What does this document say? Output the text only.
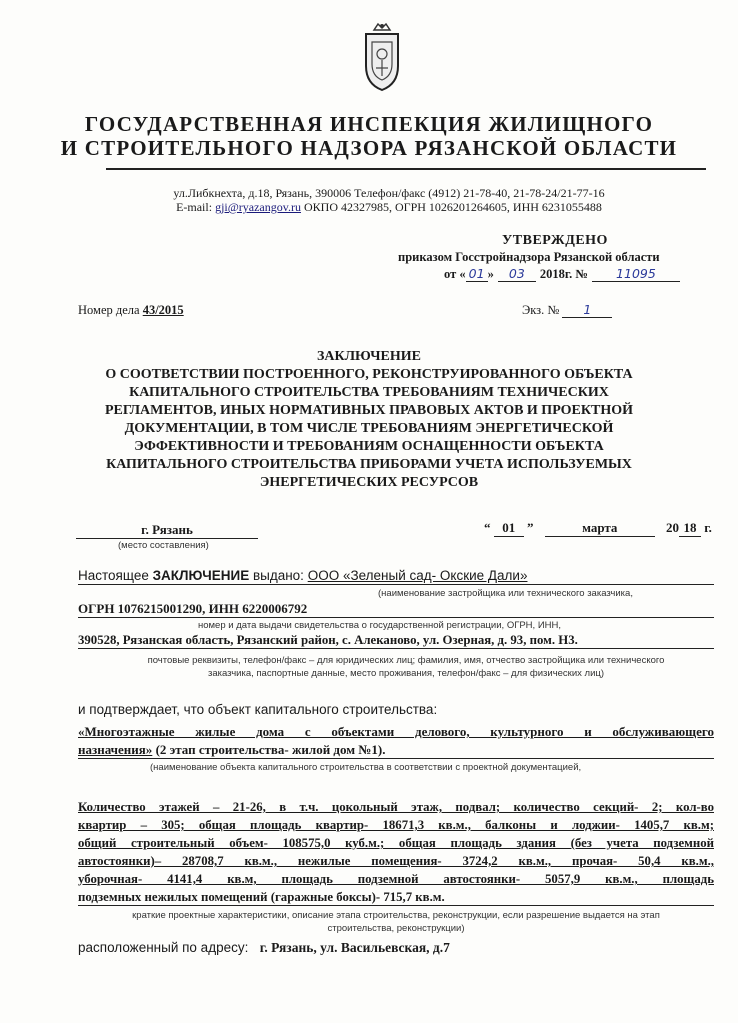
ГОСУДАРСТВЕННАЯ ИНСПЕКЦИЯ ЖИЛИЩНОГО
И СТРОИТЕЛЬНОГО НАДЗОРА РЯЗАНСКОЙ ОБЛАСТИ
ул.Либкнехта, д.18, Рязань, 390006 Телефон/факс (4912) 21-78-40, 21-78-24/21-77-16
E-mail: gji@ryazangov.ru ОКПО 42327985, ОГРН 1026201264605, ИНН 6231055488
УТВЕРЖДЕНО
приказом Госстройнадзора Рязанской области
от « 01 » 03 2018г. № 11095
Номер дела 43/2015	Экз. № 1
ЗАКЛЮЧЕНИЕ
О СООТВЕТСТВИИ ПОСТРОЕННОГО, РЕКОНСТРУИРОВАННОГО ОБЪЕКТА
КАПИТАЛЬНОГО СТРОИТЕЛЬСТВА ТРЕБОВАНИЯМ ТЕХНИЧЕСКИХ
РЕГЛАМЕНТОВ, ИНЫХ НОРМАТИВНЫХ ПРАВОВЫХ АКТОВ И ПРОЕКТНОЙ
ДОКУМЕНТАЦИИ, В ТОМ ЧИСЛЕ ТРЕБОВАНИЯМ ЭНЕРГЕТИЧЕСКОЙ
ЭФФЕКТИВНОСТИ И ТРЕБОВАНИЯМ ОСНАЩЕННОСТИ ОБЪЕКТА
КАПИТАЛЬНОГО СТРОИТЕЛЬСТВА ПРИБОРАМИ УЧЕТА ИСПОЛЬЗУЕМЫХ
ЭНЕРГЕТИЧЕСКИХ РЕСУРСОВ
г. Рязань
(место составления)
“ 01 ”	марта	20 18 г.
Настоящее ЗАКЛЮЧЕНИЕ выдано: ООО «Зеленый сад- Окские Дали»
(наименование застройщика или технического заказчика,
ОГРН 1076215001290, ИНН 6220006792
номер и дата выдачи свидетельства о государственной регистрации, ОГРН, ИНН,
390528, Рязанская область, Рязанский район, с. Алеканово, ул. Озерная, д. 93, пом. Н3.
почтовые реквизиты, телефон/факс – для юридических лиц; фамилия, имя, отчество застройщика или технического
заказчика, паспортные данные, место проживания, телефон/факс – для физических лиц)
и подтверждает, что объект капитального строительства:
«Многоэтажные жилые дома с объектами делового, культурного и обслуживающего
назначения» (2 этап строительства- жилой дом №1).
(наименование объекта капитального строительства в соответствии с проектной документацией,
Количество этажей – 21-26, в т.ч. цокольный этаж, подвал; количество секций- 2; кол-во
квартир – 305; общая площадь квартир- 18671,3 кв.м., балконы и лоджии- 1405,7 кв.м;
общий строительный объем- 108575,0 куб.м.; общая площадь здания (без учета подземной
автостоянки)– 28708,7 кв.м., нежилые помещения- 3724,2 кв.м., прочая- 50,4 кв.м.,
уборочная- 4141,4 кв.м, площадь подземной автостоянки- 5057,9 кв.м., площадь
подземных нежилых помещений (гаражные боксы)- 715,7 кв.м.
краткие проектные характеристики, описание этапа строительства, реконструкции, если разрешение выдается на этап
строительства, реконструкции)
расположенный по адресу: г. Рязань, ул. Васильевская, д.7
